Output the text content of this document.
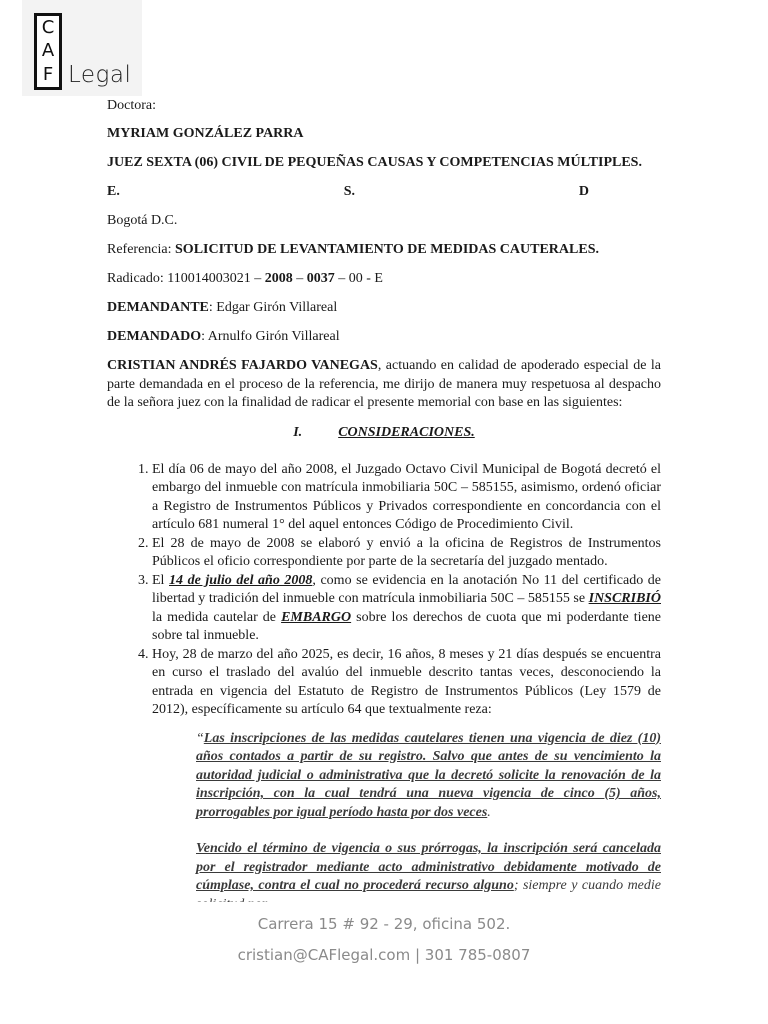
C
A
F Legal
Doctora:
MYRIAM GONZÁLEZ PARRA
JUEZ SEXTA (06) CIVIL DE PEQUEÑAS CAUSAS Y COMPETENCIAS MÚLTIPLES.
E.	S.	D
Bogotá D.C.
Referencia: SOLICITUD DE LEVANTAMIENTO DE MEDIDAS CAUTERALES.
Radicado: 110014003021 – 2008 – 0037 – 00 - E
DEMANDANTE: Edgar Girón Villareal
DEMANDADO: Arnulfo Girón Villareal
CRISTIAN ANDRÉS FAJARDO VANEGAS, actuando en calidad de apoderado especial de la parte demandada en el proceso de la referencia, me dirijo de manera muy respetuosa al despacho de la señora juez con la finalidad de radicar el presente memorial con base en las siguientes:
I.	CONSIDERACIONES.
1. El día 06 de mayo del año 2008, el Juzgado Octavo Civil Municipal de Bogotá decretó el embargo del inmueble con matrícula inmobiliaria 50C – 585155, asimismo, ordenó oficiar a Registro de Instrumentos Públicos y Privados correspondiente en concordancia con el artículo 681 numeral 1° del aquel entonces Código de Procedimiento Civil.
2. El 28 de mayo de 2008 se elaboró y envió a la oficina de Registros de Instrumentos Públicos el oficio correspondiente por parte de la secretaría del juzgado mentado.
3. El 14 de julio del año 2008, como se evidencia en la anotación No 11 del certificado de libertad y tradición del inmueble con matrícula inmobiliaria 50C – 585155 se INSCRIBIÓ la medida cautelar de EMBARGO sobre los derechos de cuota que mi poderdante tiene sobre tal inmueble.
4. Hoy, 28 de marzo del año 2025, es decir, 16 años, 8 meses y 21 días después se encuentra en curso el traslado del avalúo del inmueble descrito tantas veces, desconociendo la entrada en vigencia del Estatuto de Registro de Instrumentos Públicos (Ley 1579 de 2012), específicamente su artículo 64 que textualmente reza:
“Las inscripciones de las medidas cautelares tienen una vigencia de diez (10) años contados a partir de su registro. Salvo que antes de su vencimiento la autoridad judicial o administrativa que la decretó solicite la renovación de la inscripción, con la cual tendrá una nueva vigencia de cinco (5) años, prorrogables por igual período hasta por dos veces.
Vencido el término de vigencia o sus prórrogas, la inscripción será cancelada por el registrador mediante acto administrativo debidamente motivado de cúmplase, contra el cual no procederá recurso alguno; siempre y cuando medie
Carrera 15 # 92 - 29, oficina 502.
cristian@CAFlegal.com | 301 785-0807
